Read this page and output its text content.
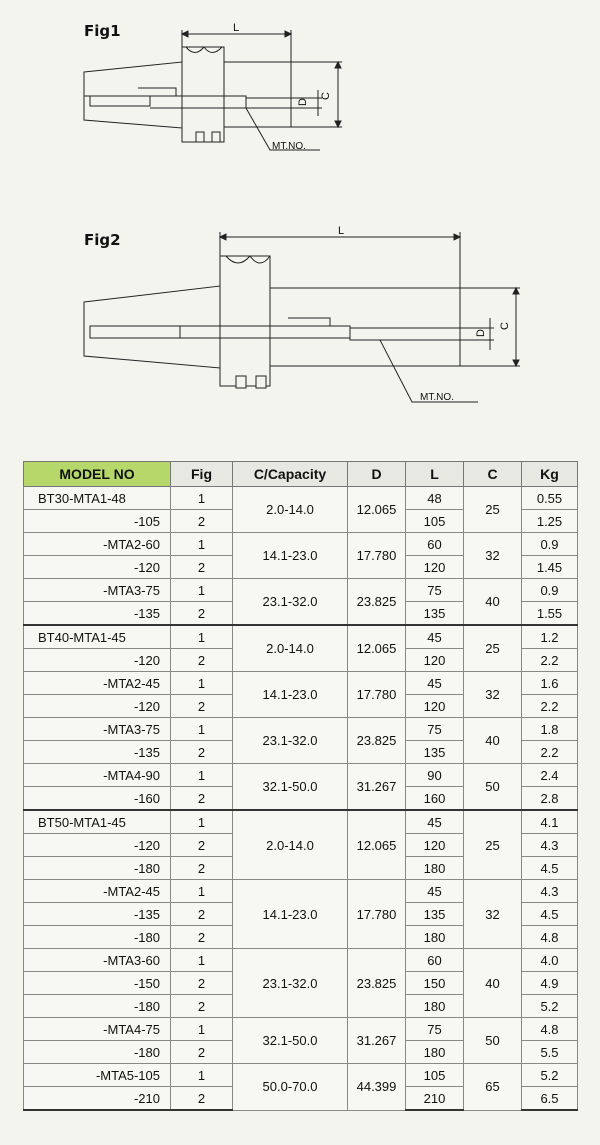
Fig1	L
D
C
MT.NO.
Fig2	L
D
C
MT.NO.
MODEL NO	Fig	C/Capacity	D	L	C	Kg
BT30-MTA1-48	1	2.0-14.0	12.065	48	25	0.55
-105	2			105		1.25
-MTA2-60	1	14.1-23.0	17.780	60	32	0.9
-120	2			120		1.45
-MTA3-75	1	23.1-32.0	23.825	75	40	0.9
-135	2			135		1.55
BT40-MTA1-45	1	2.0-14.0	12.065	45	25	1.2
-120	2			120		2.2
-MTA2-45	1	14.1-23.0	17.780	45	32	1.6
-120	2			120		2.2
-MTA3-75	1	23.1-32.0	23.825	75	40	1.8
-135	2			135		2.2
-MTA4-90	1	32.1-50.0	31.267	90	50	2.4
-160	2			160		2.8
BT50-MTA1-45	1	2.0-14.0	12.065	45	25	4.1
-120	2			120		4.3
-180	2			180		4.5
-MTA2-45	1	14.1-23.0	17.780	45	32	4.3
-135	2			135		4.5
-180	2			180		4.8
-MTA3-60	1	23.1-32.0	23.825	60	40	4.0
-150	2			150		4.9
-180	2			180		5.2
-MTA4-75	1	32.1-50.0	31.267	75	50	4.8
-180	2			180		5.5
-MTA5-105	1	50.0-70.0	44.399	105	65	5.2
-210	2			210		6.5
